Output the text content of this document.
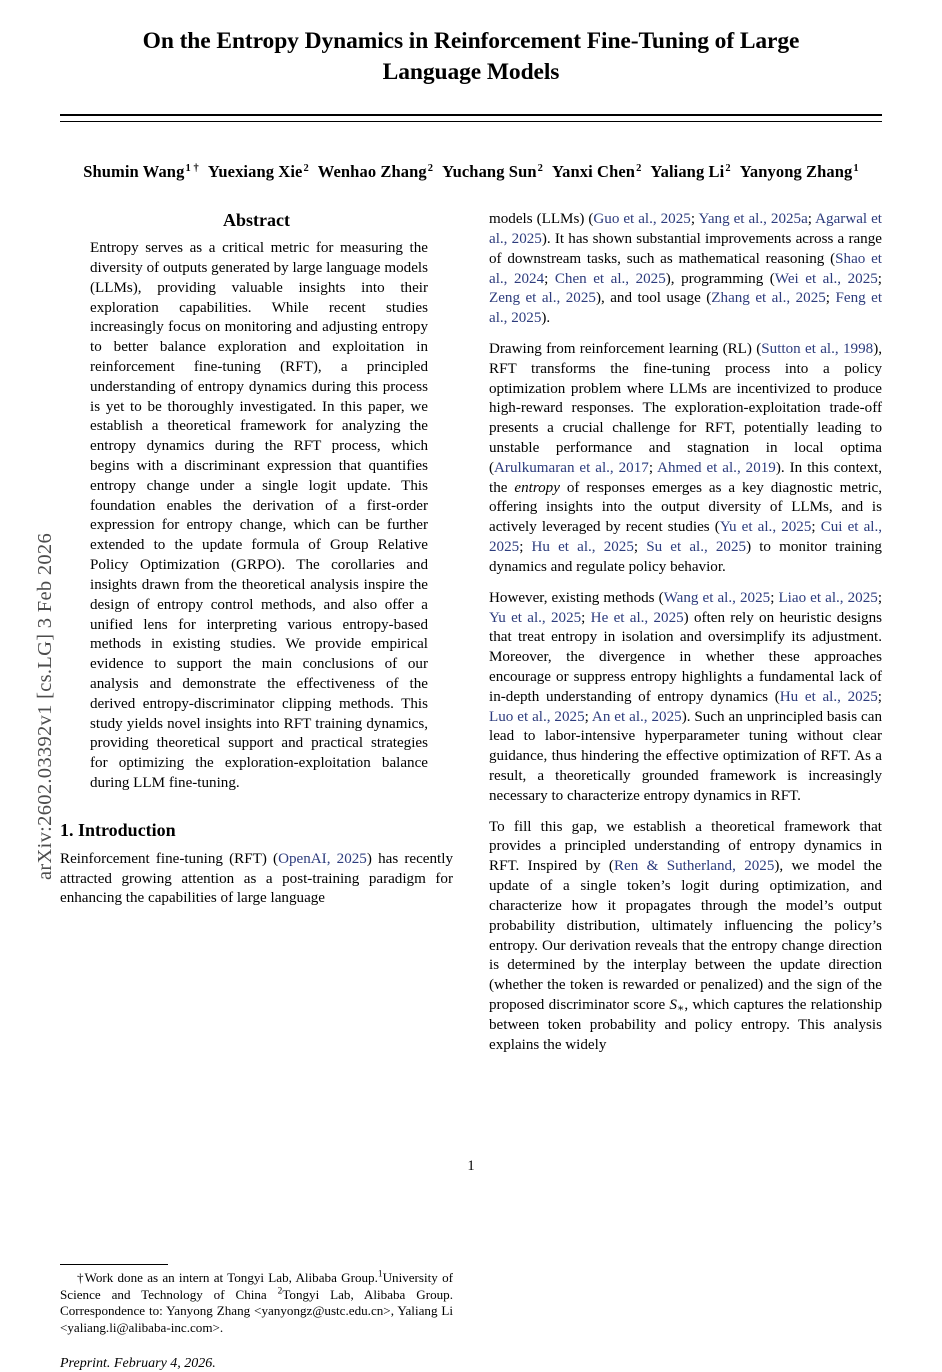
arXiv:2602.03392v1 [cs.LG] 3 Feb 2026
On the Entropy Dynamics in Reinforcement Fine-Tuning of Large Language Models
Shumin Wang$^{1 \dagger}$ Yuexiang Xie$^2$ Wenhao Zhang$^2$ Yuchang Sun$^2$ Yanxi Chen$^2$ Yaliang Li$^2$ Yanyong Zhang$^1$
Abstract
Entropy serves as a critical metric for measuring the diversity of outputs generated by large language models (LLMs), providing valuable insights into their exploration capabilities. While recent studies increasingly focus on monitoring and adjusting entropy to better balance exploration and exploitation in reinforcement fine-tuning (RFT), a principled understanding of entropy dynamics during this process is yet to be thoroughly investigated. In this paper, we establish a theoretical framework for analyzing the entropy dynamics during the RFT process, which begins with a discriminant expression that quantifies entropy change under a single logit update. This foundation enables the derivation of a first-order expression for entropy change, which can be further extended to the update formula of Group Relative Policy Optimization (GRPO). The corollaries and insights drawn from the theoretical analysis inspire the design of entropy control methods, and also offer a unified lens for interpreting various entropy-based methods in existing studies. We provide empirical evidence to support the main conclusions of our analysis and demonstrate the effectiveness of the derived entropy-discriminator clipping methods. This study yields novel insights into RFT training dynamics, providing theoretical support and practical strategies for optimizing the exploration-exploitation balance during LLM fine-tuning.
1. Introduction

Reinforcement fine-tuning (RFT) (OpenAI, 2025) has recently attracted growing attention as a post-training paradigm for enhancing the capabilities of large language

†Work done as an intern at Tongyi Lab, Alibaba Group.$^1$University of Science and Technology of China $^2$Tongyi Lab, Alibaba Group. Correspondence to: Yanyong Zhang <yanyongz@ustc.edu.cn>, Yaliang Li <yaliang.li@alibaba-inc.com>.
Preprint. February 4, 2026.

models (LLMs) (Guo et al., 2025; Yang et al., 2025a; Agarwal et al., 2025). It has shown substantial improvements across a range of downstream tasks, such as mathematical reasoning (Shao et al., 2024; Chen et al., 2025), programming (Wei et al., 2025; Zeng et al., 2025), and tool usage (Zhang et al., 2025; Feng et al., 2025).

Drawing from reinforcement learning (RL) (Sutton et al., 1998), RFT transforms the fine-tuning process into a policy optimization problem where LLMs are incentivized to produce high-reward responses. The exploration-exploitation trade-off presents a crucial challenge for RFT, potentially leading to unstable performance and stagnation in local optima (Arulkumaran et al., 2017; Ahmed et al., 2019). In this context, the entropy of responses emerges as a key diagnostic metric, offering insights into the output diversity of LLMs, and is actively leveraged by recent studies (Yu et al., 2025; Cui et al., 2025; Hu et al., 2025; Su et al., 2025) to monitor training dynamics and regulate policy behavior.

However, existing methods (Wang et al., 2025; Liao et al., 2025; Yu et al., 2025; He et al., 2025) often rely on heuristic designs that treat entropy in isolation and oversimplify its adjustment. Moreover, the divergence in whether these approaches encourage or suppress entropy highlights a fundamental lack of in-depth understanding of entropy dynamics (Hu et al., 2025; Luo et al., 2025; An et al., 2025). Such an unprincipled basis can lead to labor-intensive hyperparameter tuning without clear guidance, thus hindering the effective optimization of RFT. As a result, a theoretically grounded framework is increasingly necessary to characterize entropy dynamics in RFT.

To fill this gap, we establish a theoretical framework that provides a principled understanding of entropy dynamics in RFT. Inspired by (Ren & Sutherland, 2025), we model the update of a single token’s logit during optimization, and characterize how it propagates through the model’s output probability distribution, ultimately influencing the policy’s entropy. Our derivation reveals that the entropy change direction is determined by the interplay between the update direction (whether the token is rewarded or penalized) and the sign of the proposed discriminator score $S_∗$, which captures the relationship between token probability and policy entropy. This analysis explains the widely

1
